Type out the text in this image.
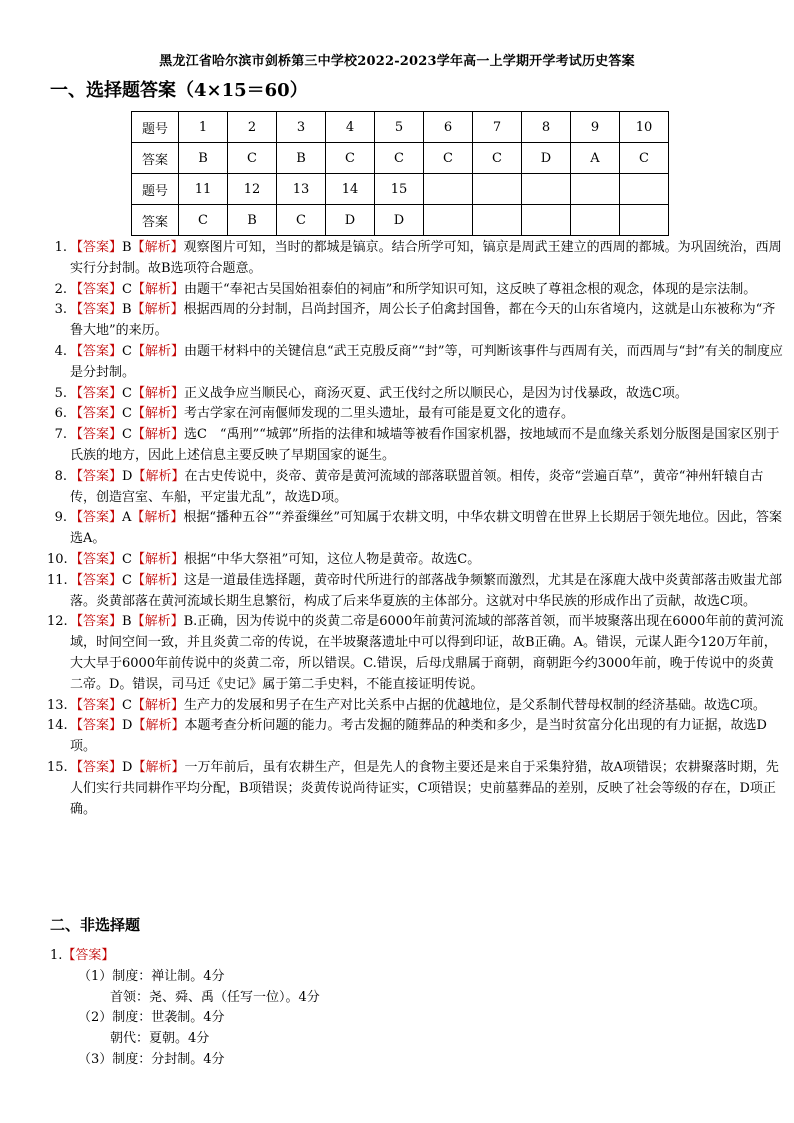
黑龙江省哈尔滨市剑桥第三中学校2022-2023学年高一上学期开学考试历史答案
一、选择题答案（4×15＝60）
题号	1	2	3	4	5	6	7	8	9	10
答案	B	C	B	C	C	C	C	D	A	C
题号	11	12	13	14	15					
答案	C	B	C	D	D					
1. 【答案】B【解析】观察图片可知，当时的都城是镐京。结合所学可知，镐京是周武王建立的西周的都城。为巩固统治，西周实行分封制。故B选项符合题意。
2. 【答案】C【解析】由题干“奉祀古吴国始祖泰伯的祠庙”和所学知识可知，这反映了尊祖念根的观念，体现的是宗法制。
3. 【答案】B【解析】根据西周的分封制，吕尚封国齐，周公长子伯禽封国鲁，都在今天的山东省境内，这就是山东被称为“齐鲁大地”的来历。
4. 【答案】C【解析】由题干材料中的关键信息“武王克殷反商”“封”等，可判断该事件与西周有关，而西周与“封”有关的制度应是分封制。
5. 【答案】C【解析】正义战争应当顺民心，商汤灭夏、武王伐纣之所以顺民心，是因为讨伐暴政，故选C项。
6. 【答案】C【解析】考古学家在河南偃师发现的二里头遗址，最有可能是夏文化的遗存。
7. 【答案】C【解析】选C　“禹刑”“城郭”所指的法律和城墙等被看作国家机器，按地域而不是血缘关系划分版图是国家区别于氏族的地方，因此上述信息主要反映了早期国家的诞生。
8. 【答案】D【解析】在古史传说中，炎帝、黄帝是黄河流域的部落联盟首领。相传，炎帝“尝遍百草”，黄帝“神州轩辕自古传，创造宫室、车船，平定蚩尤乱”，故选D项。
9. 【答案】A【解析】根据“播种五谷”“养蚕缫丝”可知属于农耕文明，中华农耕文明曾在世界上长期居于领先地位。因此，答案选A。
10. 【答案】C【解析】根据“中华大祭祖”可知，这位人物是黄帝。故选C。
11. 【答案】C【解析】这是一道最佳选择题，黄帝时代所进行的部落战争频繁而激烈，尤其是在涿鹿大战中炎黄部落击败蚩尤部落。炎黄部落在黄河流域长期生息繁衍，构成了后来华夏族的主体部分。这就对中华民族的形成作出了贡献，故选C项。
12. 【答案】B【解析】B.正确，因为传说中的炎黄二帝是6000年前黄河流域的部落首领，而半坡聚落出现在6000年前的黄河流域，时间空间一致，并且炎黄二帝的传说，在半坡聚落遗址中可以得到印证，故B正确。A。错误，元谋人距今120万年前，大大早于6000年前传说中的炎黄二帝，所以错误。C.错误，后母戊鼎属于商朝，商朝距今约3000年前，晚于传说中的炎黄二帝。D。错误，司马迁《史记》属于第二手史料，不能直接证明传说。
13. 【答案】C【解析】生产力的发展和男子在生产对比关系中占据的优越地位，是父系制代替母权制的经济基础。故选C项。
14. 【答案】D【解析】本题考查分析问题的能力。考古发掘的随葬品的种类和多少，是当时贫富分化出现的有力证据，故选D项。
15. 【答案】D【解析】一万年前后，虽有农耕生产，但是先人的食物主要还是来自于采集狩猎，故A项错误；农耕聚落时期，先人们实行共同耕作平均分配，B项错误；炎黄传说尚待证实，C项错误；史前墓葬品的差别，反映了社会等级的存在，D项正确。
二、非选择题
1.【答案】
（1）制度：禅让制。4分
首领：尧、舜、禹（任写一位）。4分
（2）制度：世袭制。4分
朝代：夏朝。4分
（3）制度：分封制。4分
